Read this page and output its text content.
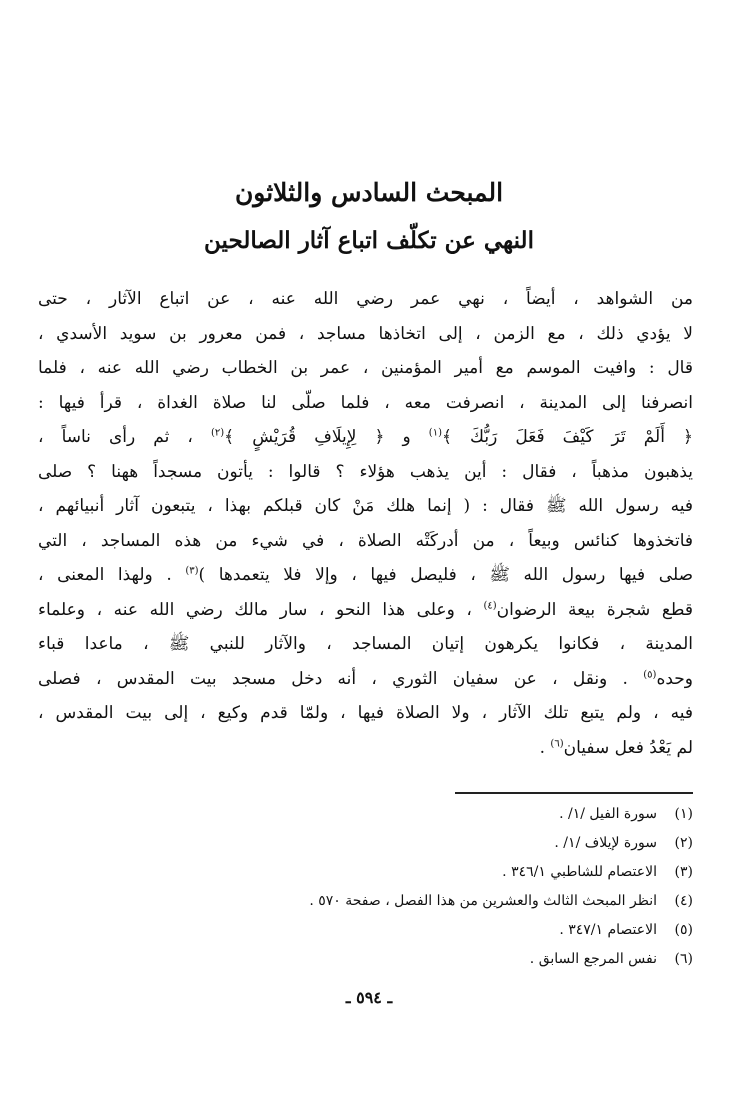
المبحث السادس والثلاثون
النهي عن تكلّف اتباع آثار الصالحين
من الشواهد ، أيضاً ، نهي عمر رضي الله عنه ، عن اتباع الآثار ، حتى
لا يؤدي ذلك ، مع الزمن ، إلى اتخاذها مساجد ، فمن معرور بن سويد الأسدي ،
قال : وافيت الموسم مع أمير المؤمنين ، عمر بن الخطاب رضي الله عنه ، فلما
انصرفنا إلى المدينة ، انصرفت معه ، فلما صلّى لنا صلاة الغداة ، قرأ فيها :
﴿ أَلَمْ تَرَ كَيْفَ فَعَلَ رَبُّكَ ﴾$^{(١)}$ و ﴿ لِإِيلَافِ قُرَيْشٍ ﴾$^{(٢)}$ ، ثم رأى ناساً ،
يذهبون مذهباً ، فقال : أين يذهب هؤلاء ؟ قالوا : يأتون مسجداً ههنا ؟ صلى
فيه رسول الله ﷺ فقال : ( إنما هلك مَنْ كان قبلكم بهذا ، يتبعون آثار أنبيائهم ،
فاتخذوها كنائس وبيعاً ، من أدركَتْه الصلاة ، في شيء من هذه المساجد ، التي
صلى فيها رسول الله ﷺ ، فليصل فيها ، وإلا فلا يتعمدها )$^{(٣)}$ . ولهذا المعنى ،
قطع شجرة بيعة الرضوان$^{(٤)}$ ، وعلى هذا النحو ، سار مالك رضي الله عنه ، وعلماء
المدينة ، فكانوا يكرهون إتيان المساجد ، والآثار للنبي ﷺ ، ماعدا قباء
وحده$^{(٥)}$ . ونقل ، عن سفيان الثوري ، أنه دخل مسجد بيت المقدس ، فصلى
فيه ، ولم يتبع تلك الآثار ، ولا الصلاة فيها ، ولمّا قدم وكيع ، إلى بيت المقدس ،
لم يَعْدُ فعل سفيان$^{(٦)}$ .
(١)
سورة الفيل /١/ .
(٢)
سورة لإيلاف /١/ .
(٣)
الاعتصام للشاطبي ٣٤٦/١ .
(٤)
انظر المبحث الثالث والعشرين من هذا الفصل ، صفحة ٥٧٠ .
(٥)
الاعتصام ٣٤٧/١ .
(٦)
نفس المرجع السابق .
ـ ٥٩٤ ـ
